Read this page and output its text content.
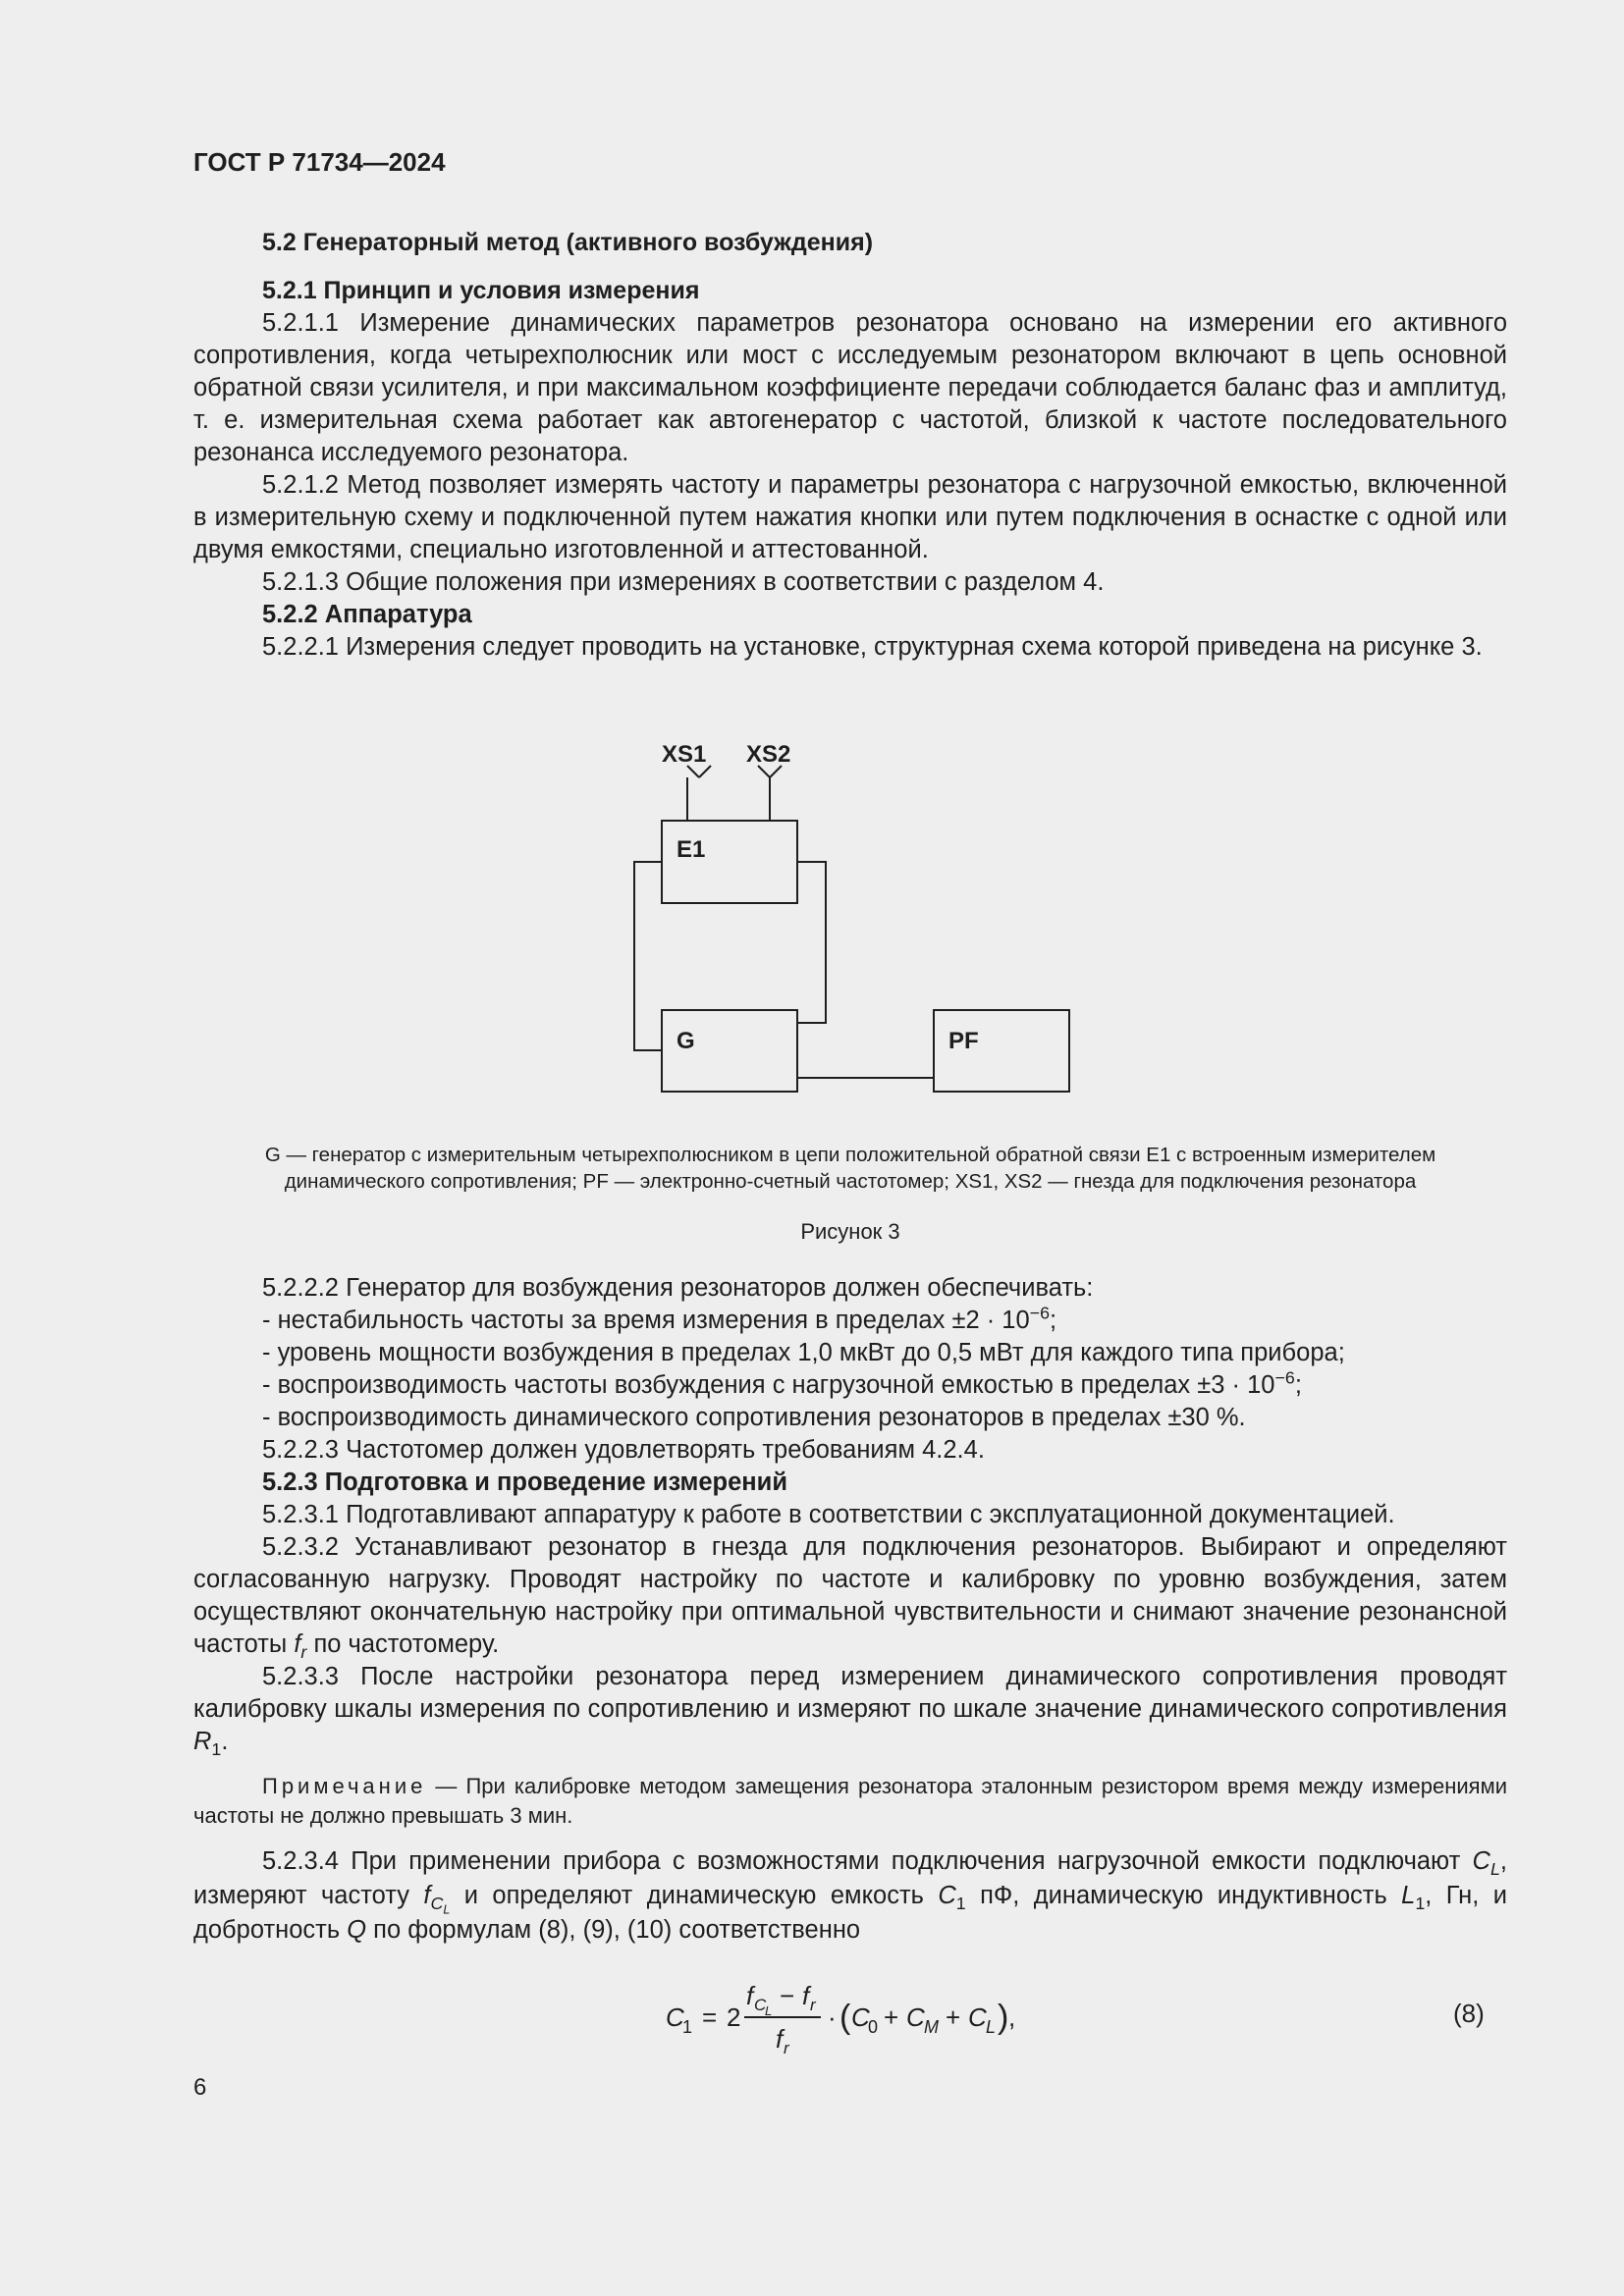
ГОСТ Р 71734—2024

5.2 Генераторный метод (активного возбуждения)

5.2.1 Принцип и условия измерения

5.2.1.1 Измерение динамических параметров резонатора основано на измерении его активного сопротивления, когда четырехполюсник или мост с исследуемым резонатором включают в цепь основной обратной связи усилителя, и при максимальном коэффициенте передачи соблюдается баланс фаз и амплитуд, т. е. измерительная схема работает как автогенератор с частотой, близкой к частоте последовательного резонанса исследуемого резонатора.

5.2.1.2 Метод позволяет измерять частоту и параметры резонатора с нагрузочной емкостью, включенной в измерительную схему и подключенной путем нажатия кнопки или путем подключения в оснастке с одной или двумя емкостями, специально изготовленной и аттестованной.

5.2.1.3 Общие положения при измерениях в соответствии с разделом 4.

5.2.2 Аппаратура

5.2.2.1 Измерения следует проводить на установке, структурная схема которой приведена на рисунке 3.

XS1 XS2
E1
G	PF
G — генератор с измерительным четырехполюсником в цепи положительной обратной связи E1 с встроенным измерителем динамического сопротивления; PF — электронно-счетный частотомер; XS1, XS2 — гнезда для подключения резонатора
Рисунок 3

5.2.2.2 Генератор для возбуждения резонаторов должен обеспечивать:

- нестабильность частоты за время измерения в пределах $\pm 2 \cdot 10^{-6}$;

- уровень мощности возбуждения в пределах 1,0 мкВт до 0,5 мВт для каждого типа прибора;

- воспроизводимость частоты возбуждения с нагрузочной емкостью в пределах $\pm 3 \cdot 10^{-6}$;

- воспроизводимость динамического сопротивления резонаторов в пределах ±30 %.

5.2.2.3 Частотомер должен удовлетворять требованиям 4.2.4.

5.2.3 Подготовка и проведение измерений

5.2.3.1 Подготавливают аппаратуру к работе в соответствии с эксплуатационной документацией.

5.2.3.2 Устанавливают резонатор в гнезда для подключения резонаторов. Выбирают и определяют согласованную нагрузку. Проводят настройку по частоте и калибровку по уровню возбуждения, затем осуществляют окончательную настройку при оптимальной чувствительности и снимают значение резонансной частоты $f_r$ по частотомеру.

5.2.3.3 После настройки резонатора перед измерением динамического сопротивления проводят калибровку шкалы измерения по сопротивлению и измеряют по шкале значение динамического сопротивления $R_1$.

Примечание — При калибровке методом замещения резонатора эталонным резистором время между измерениями частоты не должно превышать 3 мин.

5.2.3.4 При применении прибора с возможностями подключения нагрузочной емкости подключают $C_L$, измеряют частоту $f_{C_L}$ и определяют динамическую емкость $C_1$ пФ, динамическую индуктивность $L_1$, Гн, и добротность Q по формулам (8), (9), (10) соответственно

C
1 = 2
f C
L
− f r
f r
· ( C
0 + C M + C L ) ,	(8)
6
